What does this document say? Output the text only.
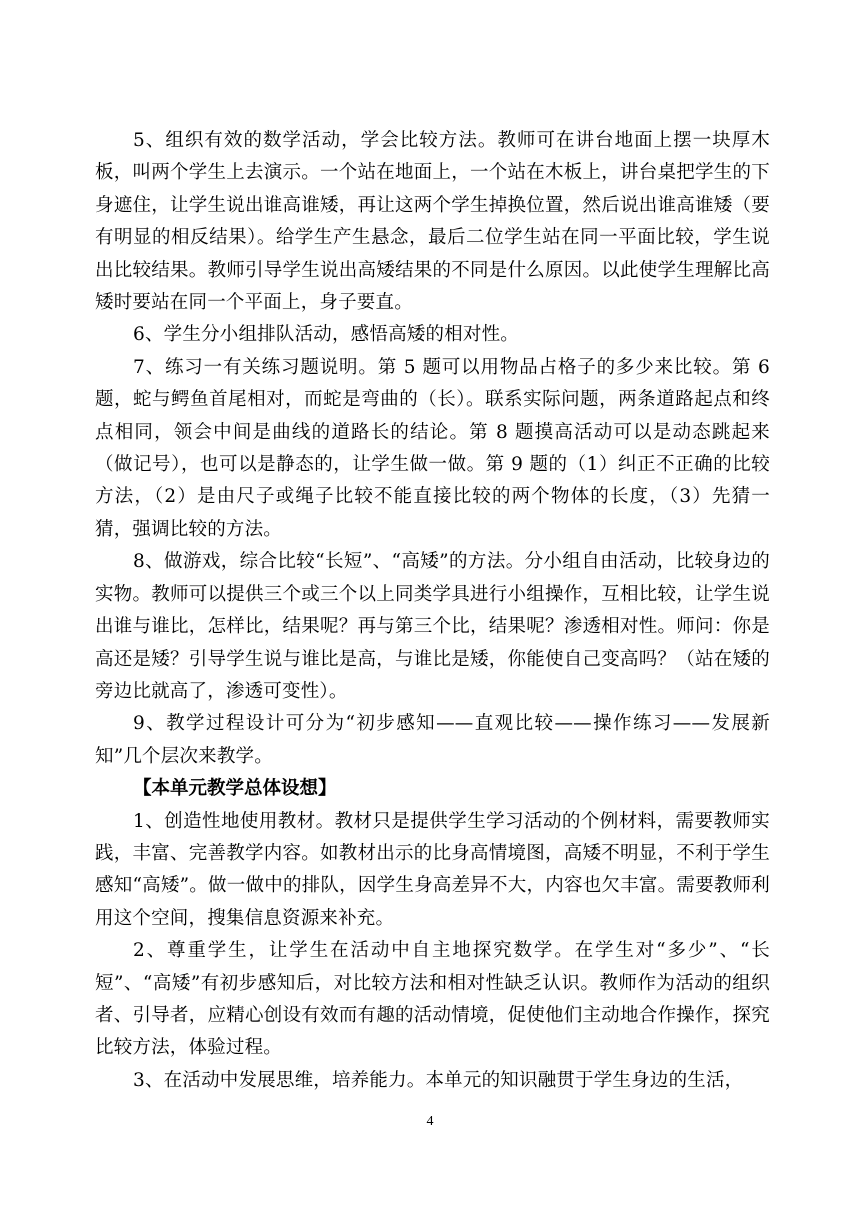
5、组织有效的数学活动，学会比较方法。教师可在讲台地面上摆一块厚木板，叫两个学生上去演示。一个站在地面上，一个站在木板上，讲台桌把学生的下身遮住，让学生说出谁高谁矮，再让这两个学生掉换位置，然后说出谁高谁矮（要有明显的相反结果）。给学生产生悬念，最后二位学生站在同一平面比较，学生说出比较结果。教师引导学生说出高矮结果的不同是什么原因。以此使学生理解比高矮时要站在同一个平面上，身子要直。

6、学生分小组排队活动，感悟高矮的相对性。

7、练习一有关练习题说明。第 5 题可以用物品占格子的多少来比较。第 6 题，蛇与鳄鱼首尾相对，而蛇是弯曲的（长）。联系实际问题，两条道路起点和终点相同，领会中间是曲线的道路长的结论。第 8 题摸高活动可以是动态跳起来（做记号），也可以是静态的，让学生做一做。第 9 题的（1）纠正不正确的比较方法，（2）是由尺子或绳子比较不能直接比较的两个物体的长度，（3）先猜一猜，强调比较的方法。

8、做游戏，综合比较“长短”、“高矮”的方法。分小组自由活动，比较身边的实物。教师可以提供三个或三个以上同类学具进行小组操作，互相比较，让学生说出谁与谁比，怎样比，结果呢？再与第三个比，结果呢？渗透相对性。师问：你是高还是矮？引导学生说与谁比是高，与谁比是矮，你能使自己变高吗？（站在矮的旁边比就高了，渗透可变性）。

9、教学过程设计可分为“初步感知——直观比较——操作练习——发展新知”几个层次来教学。

【本单元教学总体设想】

1、创造性地使用教材。教材只是提供学生学习活动的个例材料，需要教师实践，丰富、完善教学内容。如教材出示的比身高情境图，高矮不明显，不利于学生感知“高矮”。做一做中的排队，因学生身高差异不大，内容也欠丰富。需要教师利用这个空间，搜集信息资源来补充。

2、尊重学生，让学生在活动中自主地探究数学。在学生对“多少”、“长短”、“高矮”有初步感知后，对比较方法和相对性缺乏认识。教师作为活动的组织者、引导者，应精心创设有效而有趣的活动情境，促使他们主动地合作操作，探究比较方法，体验过程。

3、在活动中发展思维，培养能力。本单元的知识融贯于学生身边的生活，

4
